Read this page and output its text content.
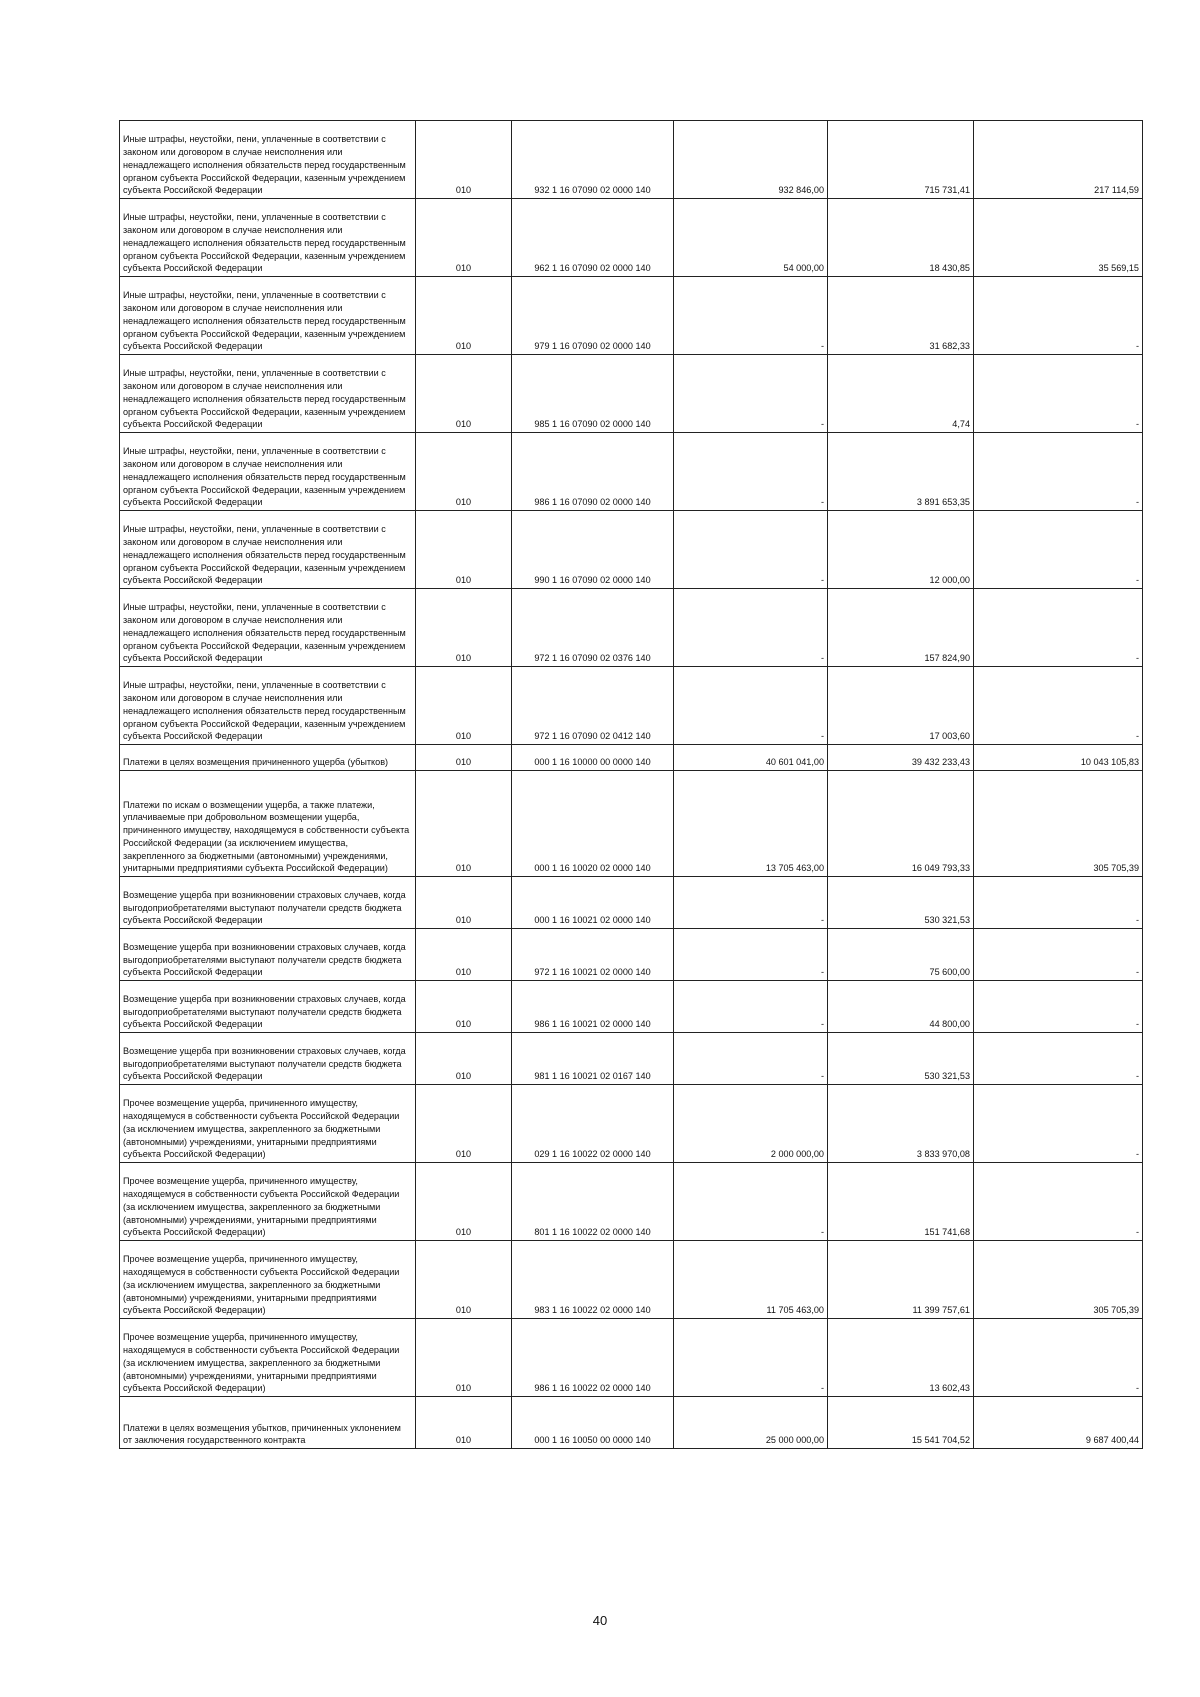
Иные штрафы, неустойки, пени, уплаченные в соответствии с законом или договором в случае неисполнения или ненадлежащего исполнения обязательств перед государственным органом субъекта Российской Федерации, казенным учреждением субъекта Российской Федерации	010	932 1 16 07090 02 0000 140	932 846,00	715 731,41	217 114,59
Иные штрафы, неустойки, пени, уплаченные в соответствии с законом или договором в случае неисполнения или ненадлежащего исполнения обязательств перед государственным органом субъекта Российской Федерации, казенным учреждением субъекта Российской Федерации	010	962 1 16 07090 02 0000 140	54 000,00	18 430,85	35 569,15
Иные штрафы, неустойки, пени, уплаченные в соответствии с законом или договором в случае неисполнения или ненадлежащего исполнения обязательств перед государственным органом субъекта Российской Федерации, казенным учреждением субъекта Российской Федерации	010	979 1 16 07090 02 0000 140	-	31 682,33	-
Иные штрафы, неустойки, пени, уплаченные в соответствии с законом или договором в случае неисполнения или ненадлежащего исполнения обязательств перед государственным органом субъекта Российской Федерации, казенным учреждением субъекта Российской Федерации	010	985 1 16 07090 02 0000 140	-	4,74	-
Иные штрафы, неустойки, пени, уплаченные в соответствии с законом или договором в случае неисполнения или ненадлежащего исполнения обязательств перед государственным органом субъекта Российской Федерации, казенным учреждением субъекта Российской Федерации	010	986 1 16 07090 02 0000 140	-	3 891 653,35	-
Иные штрафы, неустойки, пени, уплаченные в соответствии с законом или договором в случае неисполнения или ненадлежащего исполнения обязательств перед государственным органом субъекта Российской Федерации, казенным учреждением субъекта Российской Федерации	010	990 1 16 07090 02 0000 140	-	12 000,00	-
Иные штрафы, неустойки, пени, уплаченные в соответствии с законом или договором в случае неисполнения или ненадлежащего исполнения обязательств перед государственным органом субъекта Российской Федерации, казенным учреждением субъекта Российской Федерации	010	972 1 16 07090 02 0376 140	-	157 824,90	-
Иные штрафы, неустойки, пени, уплаченные в соответствии с законом или договором в случае неисполнения или ненадлежащего исполнения обязательств перед государственным органом субъекта Российской Федерации, казенным учреждением субъекта Российской Федерации	010	972 1 16 07090 02 0412 140	-	17 003,60	-
Платежи в целях возмещения причиненного ущерба (убытков)	010	000 1 16 10000 00 0000 140	40 601 041,00	39 432 233,43	10 043 105,83
Платежи по искам о возмещении ущерба, а также платежи, уплачиваемые при добровольном возмещении ущерба, причиненного имуществу, находящемуся в собственности субъекта Российской Федерации (за исключением имущества, закрепленного за бюджетными (автономными) учреждениями, унитарными предприятиями субъекта Российской Федерации)	010	000 1 16 10020 02 0000 140	13 705 463,00	16 049 793,33	305 705,39
Возмещение ущерба при возникновении страховых случаев, когда выгодоприобретателями выступают получатели средств бюджета субъекта Российской Федерации	010	000 1 16 10021 02 0000 140	-	530 321,53	-
Возмещение ущерба при возникновении страховых случаев, когда выгодоприобретателями выступают получатели средств бюджета субъекта Российской Федерации	010	972 1 16 10021 02 0000 140	-	75 600,00	-
Возмещение ущерба при возникновении страховых случаев, когда выгодоприобретателями выступают получатели средств бюджета субъекта Российской Федерации	010	986 1 16 10021 02 0000 140	-	44 800,00	-
Возмещение ущерба при возникновении страховых случаев, когда выгодоприобретателями выступают получатели средств бюджета субъекта Российской Федерации	010	981 1 16 10021 02 0167 140	-	530 321,53	-
Прочее возмещение ущерба, причиненного имуществу, находящемуся в собственности субъекта Российской Федерации (за исключением имущества, закрепленного за бюджетными (автономными) учреждениями, унитарными предприятиями субъекта Российской Федерации)	010	029 1 16 10022 02 0000 140	2 000 000,00	3 833 970,08	-
Прочее возмещение ущерба, причиненного имуществу, находящемуся в собственности субъекта Российской Федерации (за исключением имущества, закрепленного за бюджетными (автономными) учреждениями, унитарными предприятиями субъекта Российской Федерации)	010	801 1 16 10022 02 0000 140	-	151 741,68	-
Прочее возмещение ущерба, причиненного имуществу, находящемуся в собственности субъекта Российской Федерации (за исключением имущества, закрепленного за бюджетными (автономными) учреждениями, унитарными предприятиями субъекта Российской Федерации)	010	983 1 16 10022 02 0000 140	11 705 463,00	11 399 757,61	305 705,39
Прочее возмещение ущерба, причиненного имуществу, находящемуся в собственности субъекта Российской Федерации (за исключением имущества, закрепленного за бюджетными (автономными) учреждениями, унитарными предприятиями субъекта Российской Федерации)	010	986 1 16 10022 02 0000 140	-	13 602,43	-
Платежи в целях возмещения убытков, причиненных уклонением от заключения государственного контракта	010	000 1 16 10050 00 0000 140	25 000 000,00	15 541 704,52	9 687 400,44
40
